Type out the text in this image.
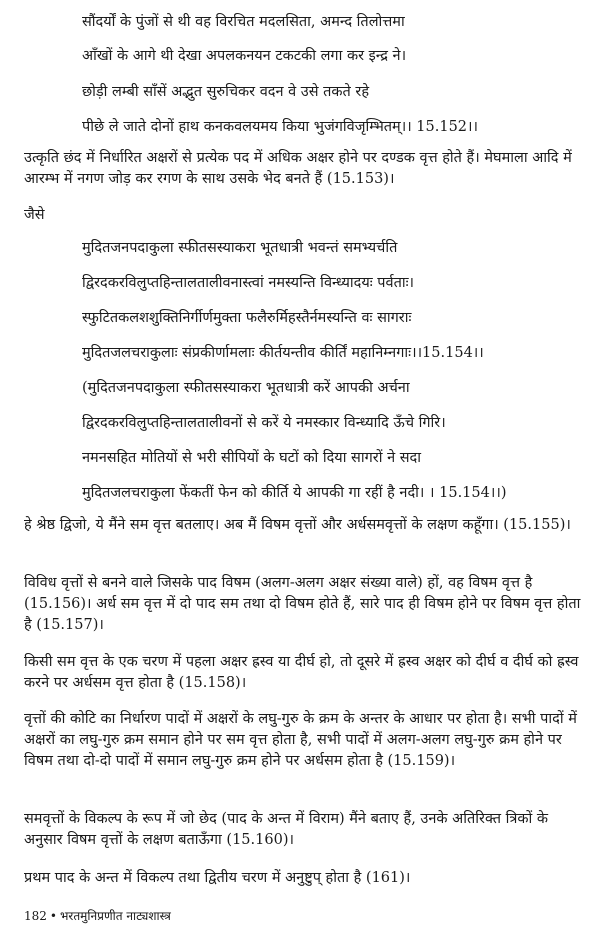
सौंदर्यों के पुंजों से थी वह विरचित मदलसिता, अमन्द तिलोत्तमा
आँखों के आगे थी देखा अपलकनयन टकटकी लगा कर इन्द्र ने।
छोड़ी लम्बी साँसें अद्भुत सुरुचिकर वदन वे उसे तकते रहे
पीछे ले जाते दोनों हाथ कनकवलयमय किया भुजंगविजृम्भितम्।। 15.152।।
उत्कृति छंद में निर्धारित अक्षरों से प्रत्येक पद में अधिक अक्षर होने पर दण्डक वृत्त होते हैं। मेघमाला आदि में आरम्भ में नगण जोड़ कर रगण के साथ उसके भेद बनते हैं (15.153)।
जैसे
मुदितजनपदाकुला स्फीतसस्याकरा भूतधात्री भवन्तं समभ्यर्चति
द्विरदकरविलुप्तहिन्तालतालीवनास्त्वां नमस्यन्ति विन्ध्यादयः पर्वताः।
स्फुटितकलशशुक्तिनिर्गीर्णमुक्ता फलैरुर्मिहस्तैर्नमस्यन्ति वः सागराः
मुदितजलचराकुलाः संप्रकीर्णामलाः कीर्तयन्तीव कीर्तिं महानिम्नगाः।।15.154।।
(मुदितजनपदाकुला स्फीतसस्याकरा भूतधात्री करें आपकी अर्चना
द्विरदकरविलुप्तहिन्तालतालीवनों से करें ये नमस्कार विन्ध्यादि ऊँचे गिरि।
नमनसहित मोतियों से भरी सीपियों के घटों को दिया सागरों ने सदा
मुदितजलचराकुला फेंकतीं फेन को कीर्ति ये आपकी गा रहीं है नदी। । 15.154।।)
हे श्रेष्ठ द्विजो, ये मैंने सम वृत्त बतलाए। अब मैं विषम वृत्तों और अर्धसमवृत्तों के लक्षण कहूँगा। (15.155)।
विविध वृत्तों से बनने वाले जिसके पाद विषम (अलग-अलग अक्षर संख्या वाले) हों, वह विषम वृत्त है (15.156)। अर्ध सम वृत्त में दो पाद सम तथा दो विषम होते हैं, सारे पाद ही विषम होने पर विषम वृत्त होता है (15.157)।
किसी सम वृत्त के एक चरण में पहला अक्षर ह्रस्व या दीर्घ हो, तो दूसरे में ह्रस्व अक्षर को दीर्घ व दीर्घ को ह्रस्व करने पर अर्धसम वृत्त होता है (15.158)।
वृत्तों की कोटि का निर्धारण पादों में अक्षरों के लघु-गुरु के क्रम के अन्तर के आधार पर होता है। सभी पादों में अक्षरों का लघु-गुरु क्रम समान होने पर सम वृत्त होता है, सभी पादों में अलग-अलग लघु-गुरु क्रम होने पर विषम तथा दो-दो पादों में समान लघु-गुरु क्रम होने पर अर्धसम होता है (15.159)।
समवृत्तों के विकल्प के रूप में जो छेद (पाद के अन्त में विराम) मैंने बताए हैं, उनके अतिरिक्त त्रिकों के अनुसार विषम वृत्तों के लक्षण बताऊँगा (15.160)।
प्रथम पाद के अन्त में विकल्प तथा द्वितीय चरण में अनुष्टुप् होता है (161)।
182 • भरतमुनिप्रणीत नाट्यशास्त्र
